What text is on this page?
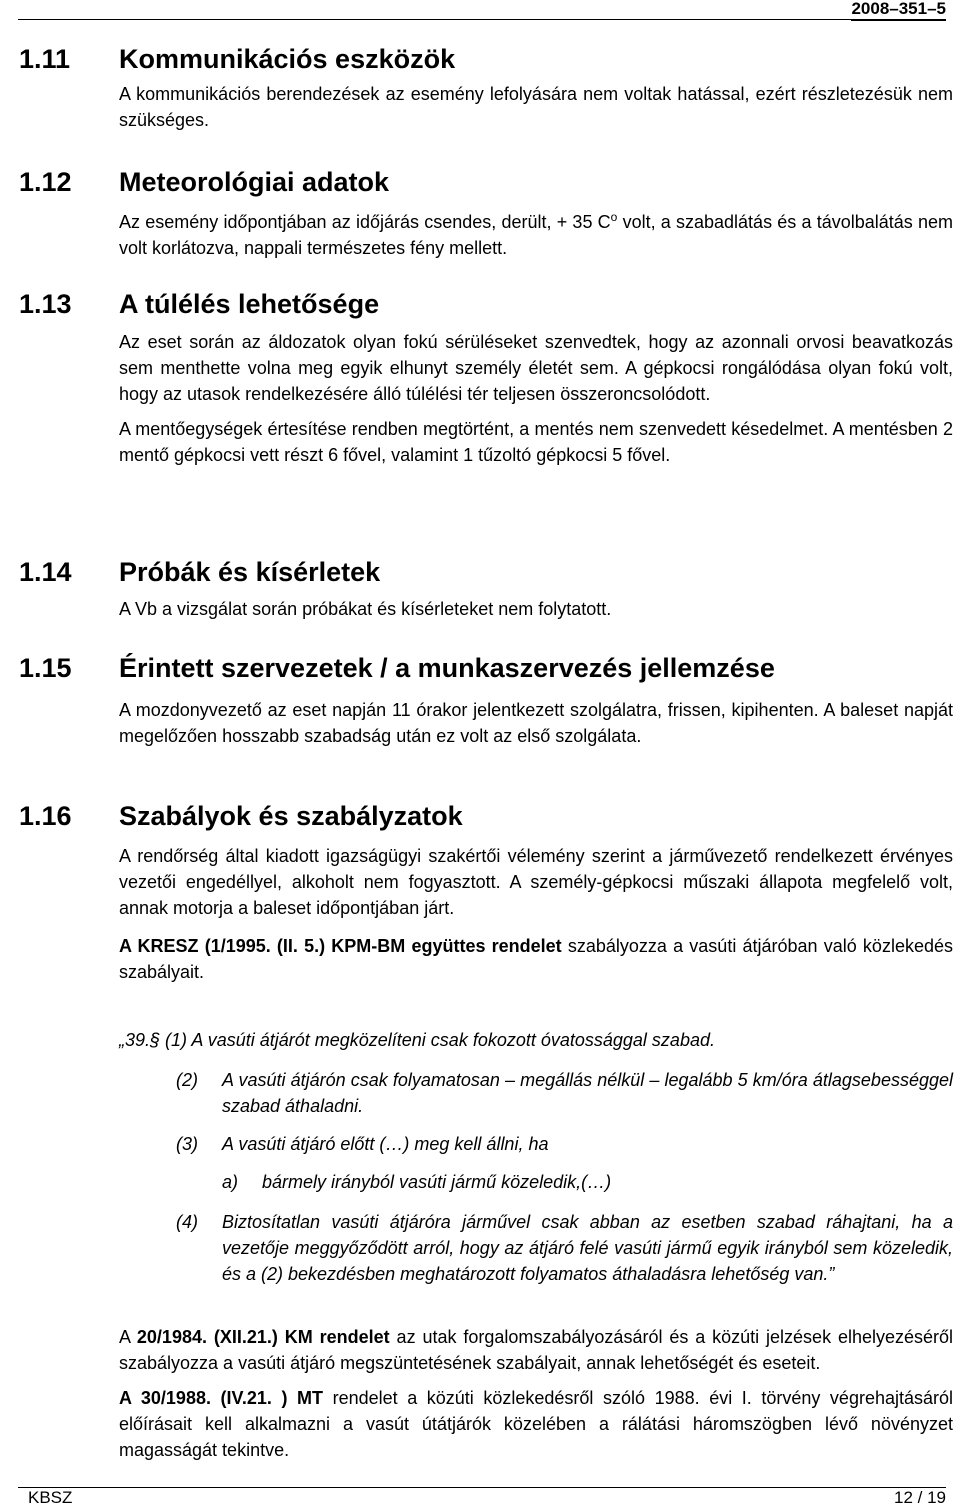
2008–351–5
1.11	Kommunikációs eszközök

A kommunikációs berendezések az esemény lefolyására nem voltak hatással, ezért részletezésük nem szükséges.

1.12	Meteorológiai adatok

Az esemény időpontjában az időjárás csendes, derült, + 35 $C^o$ volt, a szabadlátás és a távolbalátás nem volt korlátozva, nappali természetes fény mellett.

1.13	A túlélés lehetősége

Az eset során az áldozatok olyan fokú sérüléseket szenvedtek, hogy az azonnali orvosi beavatkozás sem menthette volna meg egyik elhunyt személy életét sem. A gépkocsi rongálódása olyan fokú volt, hogy az utasok rendelkezésére álló túlélési tér teljesen összeroncsolódott.

A mentőegységek értesítése rendben megtörtént, a mentés nem szenvedett késedelmet. A mentésben 2 mentő gépkocsi vett részt 6 fővel, valamint 1 tűzoltó gépkocsi 5 fővel.

1.14	Próbák és kísérletek

A Vb a vizsgálat során próbákat és kísérleteket nem folytatott.

1.15	Érintett szervezetek / a munkaszervezés jellemzése

A mozdonyvezető az eset napján 11 órakor jelentkezett szolgálatra, frissen, kipihenten. A baleset napját megelőzően hosszabb szabadság után ez volt az első szolgálata.

1.16	Szabályok és szabályzatok

A rendőrség által kiadott igazságügyi szakértői vélemény szerint a járművezető rendelkezett érvényes vezetői engedéllyel, alkoholt nem fogyasztott. A személy-gépkocsi műszaki állapota megfelelő volt, annak motorja a baleset időpontjában járt.

A KRESZ (1/1995. (II. 5.) KPM-BM együttes rendelet szabályozza a vasúti átjáróban való közlekedés szabályait.

„39.§ (1) A vasúti átjárót megközelíteni csak fokozott óvatossággal szabad.
(2)	A vasúti átjárón csak folyamatosan – megállás nélkül – legalább 5 km/óra átlagsebességgel szabad áthaladni.
(3)	A vasúti átjáró előtt (…) meg kell állni, ha
a)	bármely irányból vasúti jármű közeledik,(…)
(4)	Biztosítatlan vasúti átjáróra járművel csak abban az esetben szabad ráhajtani, ha a vezetője meggyőződött arról, hogy az átjáró felé vasúti jármű egyik irányból sem közeledik, és a (2) bekezdésben meghatározott folyamatos áthaladásra lehetőség van.”

A 20/1984. (XII.21.) KM rendelet az utak forgalomszabályozásáról és a közúti jelzések elhelyezéséről szabályozza a vasúti átjáró megszüntetésének szabályait, annak lehetőségét és eseteit.

A 30/1988. (IV.21. ) MT rendelet a közúti közlekedésről szóló 1988. évi I. törvény végrehajtásáról előírásait kell alkalmazni a vasút útátjárók közelében a rálátási háromszögben lévő növényzet magasságát tekintve.

KBSZ	12 / 19
